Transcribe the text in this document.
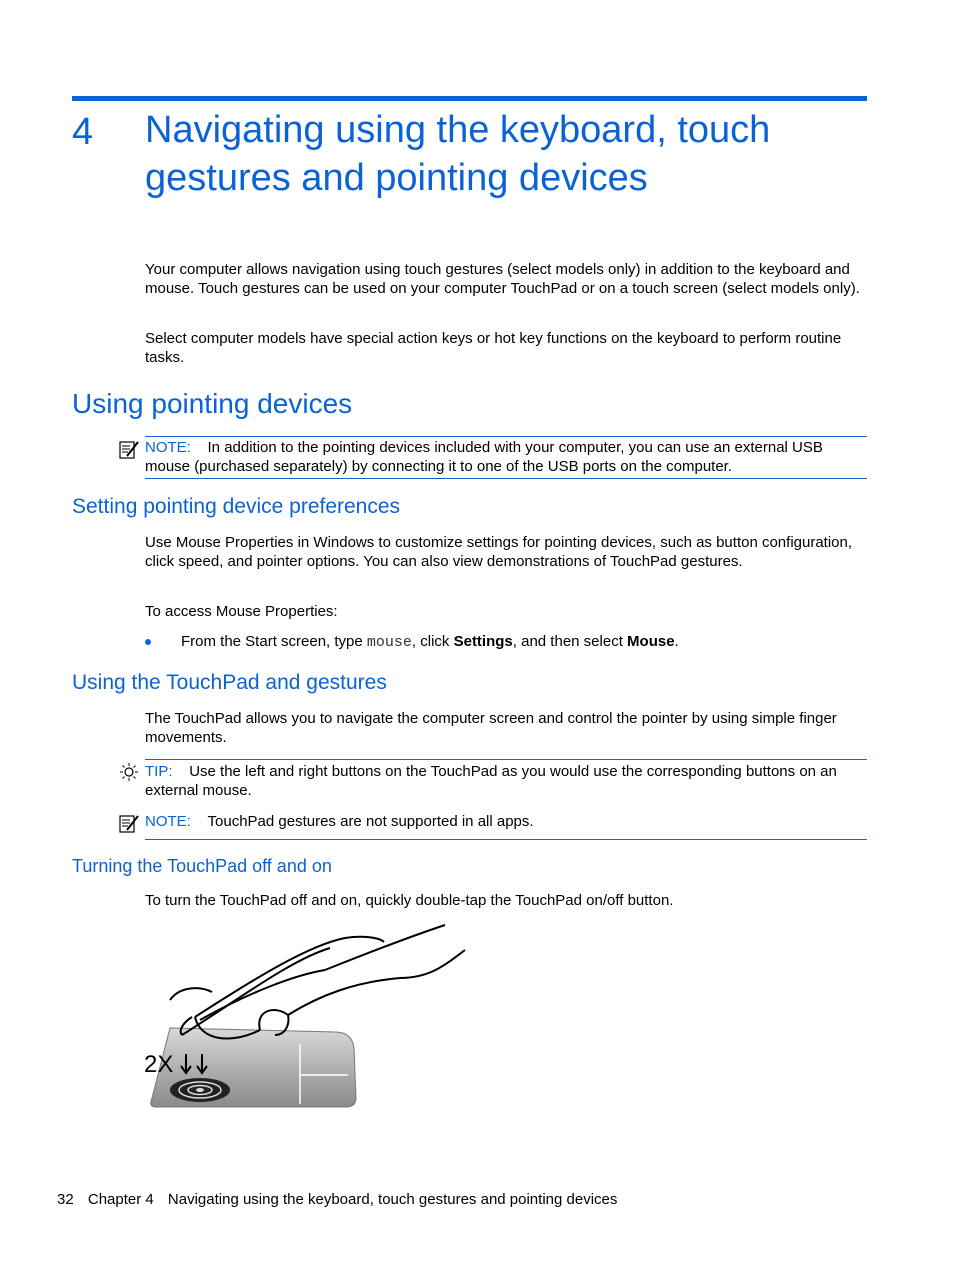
4 Navigating using the keyboard, touch gestures and pointing devices
Your computer allows navigation using touch gestures (select models only) in addition to the keyboard and mouse. Touch gestures can be used on your computer TouchPad or on a touch screen (select models only).
Select computer models have special action keys or hot key functions on the keyboard to perform routine tasks.
Using pointing devices
NOTE: In addition to the pointing devices included with your computer, you can use an external USB mouse (purchased separately) by connecting it to one of the USB ports on the computer.
Setting pointing device preferences
Use Mouse Properties in Windows to customize settings for pointing devices, such as button configuration, click speed, and pointer options. You can also view demonstrations of TouchPad gestures.
To access Mouse Properties:
From the Start screen, type mouse, click Settings, and then select Mouse.
Using the TouchPad and gestures
The TouchPad allows you to navigate the computer screen and control the pointer by using simple finger movements.
TIP: Use the left and right buttons on the TouchPad as you would use the corresponding buttons on an external mouse.
NOTE: TouchPad gestures are not supported in all apps.
Turning the TouchPad off and on
To turn the TouchPad off and on, quickly double-tap the TouchPad on/off button.
2X
32 Chapter 4 Navigating using the keyboard, touch gestures and pointing devices
